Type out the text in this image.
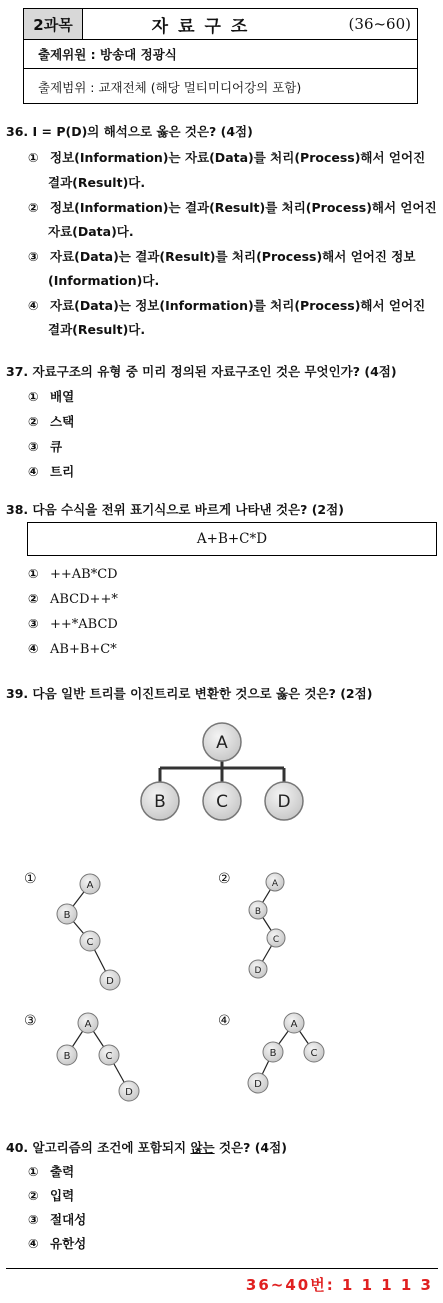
2과목	자료구조	(36~60)
출제위원 : 방송대 정광식
출제범위 : 교재전체 (해당 멀티미디어강의 포함)
36. I = P(D)의 해석으로 옳은 것은? (4점)
① 정보(Information)는 자료(Data)를 처리(Process)해서 얻어진
결과(Result)다.
② 정보(Information)는 결과(Result)를 처리(Process)해서 얻어진
자료(Data)다.
③ 자료(Data)는 결과(Result)를 처리(Process)해서 얻어진 정보
(Information)다.
④ 자료(Data)는 정보(Information)를 처리(Process)해서 얻어진
결과(Result)다.
37. 자료구조의 유형 중 미리 정의된 자료구조인 것은 무엇인가? (4점)
① 배열
② 스택
③ 큐
④ 트리
38. 다음 수식을 전위 표기식으로 바르게 나타낸 것은? (2점)
A+B+C*D
① ++AB*CD
② ABCD++*
③ ++*ABCD
④ AB+B+C*
39. 다음 일반 트리를 이진트리로 변환한 것으로 옳은 것은? (2점)
A
B	C	D
①	A
B
C
D
②	A
B
C
D
③	A
B	C
D
④	A
B	C
D
40. 알고리즘의 조건에 포함되지 않는 것은? (4점)
① 출력
② 입력
③ 절대성
④ 유한성
36~40번: 1 1 1 1 3
